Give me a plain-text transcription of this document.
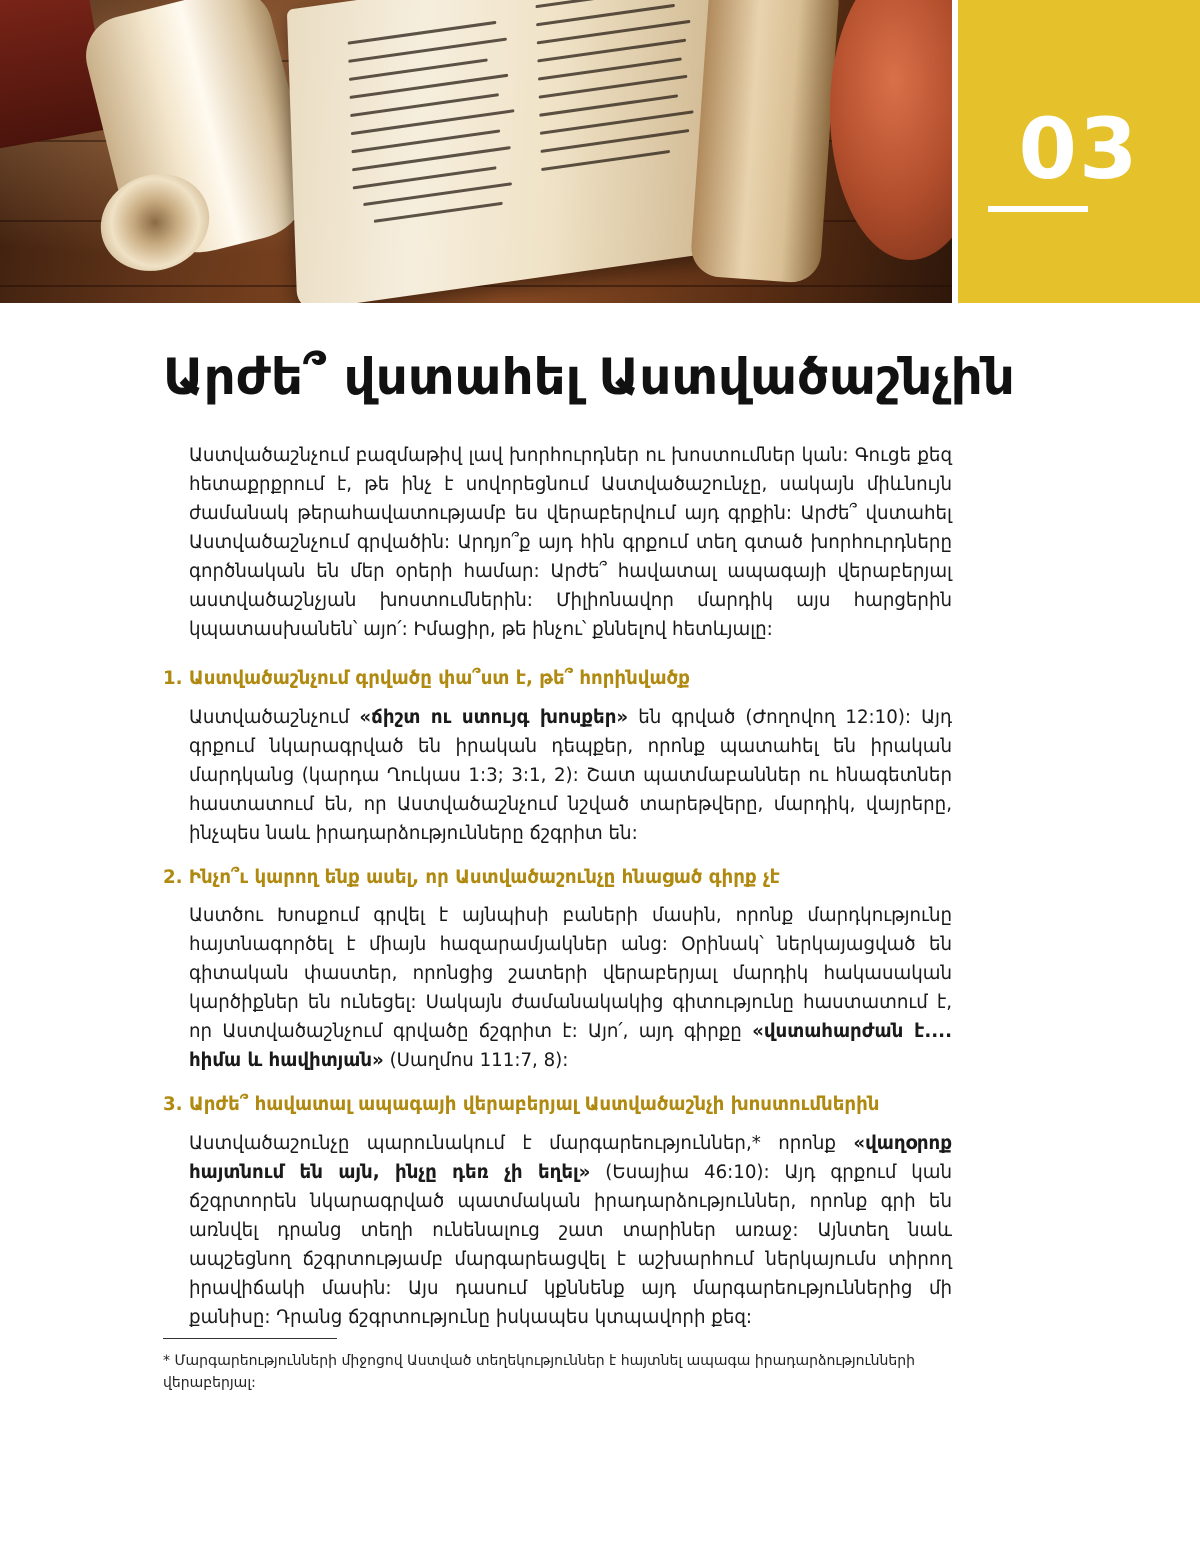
03
Արժե՞ վստահել Աստվածաշնչին

Աստվածաշնչում բազմաթիվ լավ խորհուրդներ ու խոստումներ կան: Գուցե քեզ հետաքրքրում է, թե ինչ է սովորեցնում Աստվածաշունչը, սակայն միևնույն ժամանակ թերահավատությամբ ես վերաբերվում այդ գրքին: Արժե՞ վստահել Աստվածաշնչում գրվածին: Արդյո՞ք այդ հին գրքում տեղ գտած խորհուրդները գործնական են մեր օրերի համար: Արժե՞ հավատալ ապագայի վերաբերյալ աստվածաշնչյան խոստումներին: Միլիոնավոր մարդիկ այս հարցերին կպատասխանեն՝ այո՛: Իմացիր, թե ինչու՝ քննելով հետևյալը:

1. Աստվածաշնչում գրվածը փա՞ստ է, թե՞ հորինվածք

Աստվածաշնչում «ճիշտ ու ստույգ խոսքեր» են գրված (Ժողովող 12:10): Այդ գրքում նկարագրված են իրական դեպքեր, որոնք պատահել են իրական մարդկանց (կարդա Ղուկաս 1:3; 3:1, 2): Շատ պատմաբաններ ու հնագետներ հաստատում են, որ Աստվածաշնչում նշված տարեթվերը, մարդիկ, վայրերը, ինչպես նաև իրադարձությունները ճշգրիտ են:

2. Ինչո՞ւ կարող ենք ասել, որ Աստվածաշունչը հնացած գիրք չէ

Աստծու Խոսքում գրվել է այնպիսի բաների մասին, որոնք մարդկությունը հայտնագործել է միայն հազարամյակներ անց: Օրինակ՝ ներկայացված են գիտական փաստեր, որոնցից շատերի վերաբերյալ մարդիկ հակասական կարծիքներ են ունեցել: Սակայն ժամանակակից գիտությունը հաստատում է, որ Աստվածաշնչում գրվածը ճշգրիտ է: Այո՛, այդ գիրքը «վստահարժան է.... հիմա և հավիտյան» (Սաղմոս 111:7, 8):

3. Արժե՞ հավատալ ապագայի վերաբերյալ Աստվածաշնչի խոստումներին

Աստվածաշունչը պարունակում է մարգարեություններ,* որոնք «վաղօրոք հայտնում են այն, ինչը դեռ չի եղել» (Եսայիա 46:10): Այդ գրքում կան ճշգրտորեն նկարագրված պատմական իրադարձություններ, որոնք գրի են առնվել դրանց տեղի ունենալուց շատ տարիներ առաջ: Այնտեղ նաև ապշեցնող ճշգրտությամբ մարգարեացվել է աշխարհում ներկայումս տիրող իրավիճակի մասին: Այս դասում կքննենք այդ մարգարեություններից մի քանիսը: Դրանց ճշգրտությունը իսկապես կտպավորի քեզ:

* Մարգարեությունների միջոցով Աստված տեղեկություններ է հայտնել ապագա իրադարձությունների վերաբերյալ:
